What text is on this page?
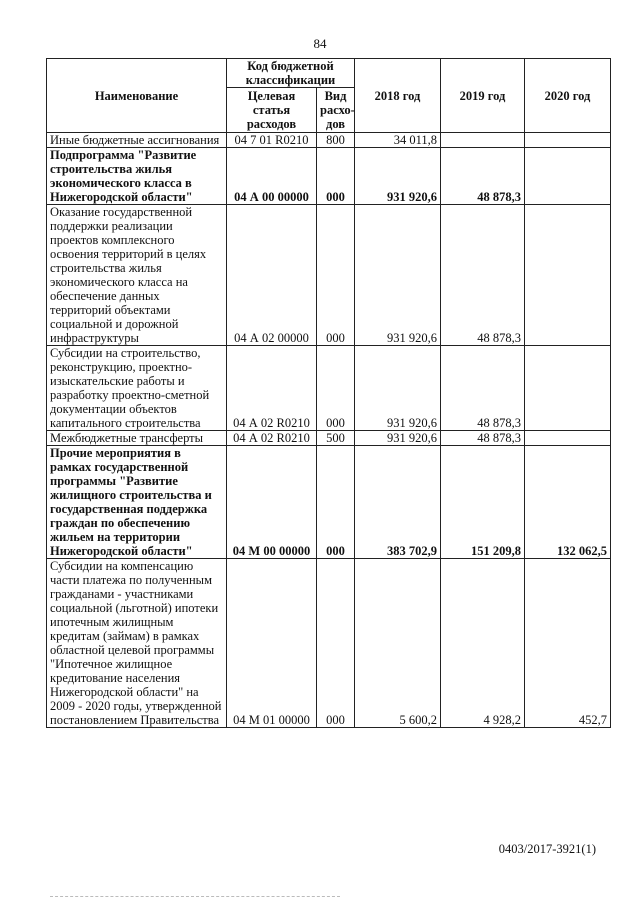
84
Наименование	Код бюджетной классификации		2018 год	2019 год	2020 год
	Целевая статья расходов	Вид расхо-дов			
Иные бюджетные ассигнования	04 7 01 R0210	800	34 011,8		
Подпрограмма "Развитие строительства жилья экономического класса в Нижегородской области"	04 А 00 00000	000	931 920,6	48 878,3	
Оказание государственной поддержки реализации проектов комплексного освоения территорий в целях строительства жилья экономического класса на обеспечение данных территорий объектами социальной и дорожной инфраструктуры	04 А 02 00000	000	931 920,6	48 878,3	
Субсидии на строительство, реконструкцию, проектно-изыскательские работы и разработку проектно-сметной документации объектов капитального строительства	04 А 02 R0210	000	931 920,6	48 878,3	
Межбюджетные трансферты	04 А 02 R0210	500	931 920,6	48 878,3	
Прочие мероприятия в рамках государственной программы "Развитие жилищного строительства и государственная поддержка граждан по обеспечению жильем на территории Нижегородской области"	04 М 00 00000	000	383 702,9	151 209,8	132 062,5
Субсидии на компенсацию части платежа по полученным гражданами - участниками социальной (льготной) ипотеки ипотечным жилищным кредитам (займам) в рамках областной целевой программы "Ипотечное жилищное кредитование населения Нижегородской области" на 2009 - 2020 годы, утвержденной постановлением Правительства	04 М 01 00000	000	5 600,2	4 928,2	452,7
0403/2017-3921(1)
